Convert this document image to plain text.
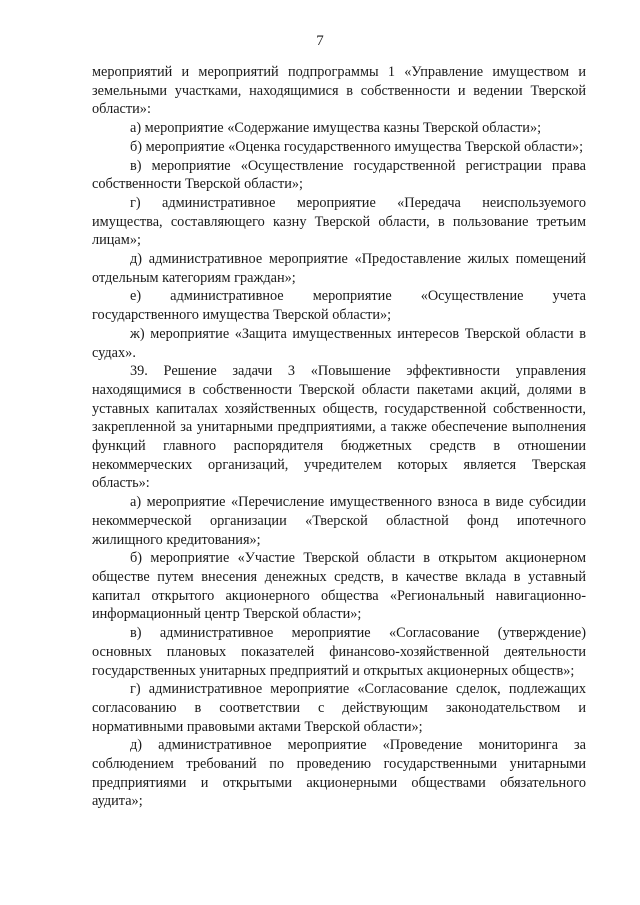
7

мероприятий и мероприятий подпрограммы 1 «Управление имуществом и земельными участками, находящимися в собственности и ведении Тверской области»:

а) мероприятие «Содержание имущества казны Тверской области»;

б) мероприятие «Оценка государственного имущества Тверской области»;

в) мероприятие «Осуществление государственной регистрации права собственности Тверской области»;

г) административное мероприятие «Передача неиспользуемого имущества, составляющего казну Тверской области, в пользование третьим лицам»;

д) административное мероприятие «Предоставление жилых помещений отдельным категориям граждан»;

е) административное мероприятие «Осуществление учета государственного имущества Тверской области»;

ж) мероприятие «Защита имущественных интересов Тверской области в судах».

39. Решение задачи 3 «Повышение эффективности управления находящимися в собственности Тверской области пакетами акций, долями в уставных капиталах хозяйственных обществ, государственной собственности, закрепленной за унитарными предприятиями, а также обеспечение выполнения функций главного распорядителя бюджетных средств в отношении некоммерческих организаций, учредителем которых является Тверская область»:

а) мероприятие «Перечисление имущественного взноса в виде субсидии некоммерческой организации «Тверской областной фонд ипотечного жилищного кредитования»;

б) мероприятие «Участие Тверской области в открытом акционерном обществе путем внесения денежных средств, в качестве вклада в уставный капитал открытого акционерного общества «Региональный навигационно-информационный центр Тверской области»;

в) административное мероприятие «Согласование (утверждение) основных плановых показателей финансово-хозяйственной деятельности государственных унитарных предприятий и открытых акционерных обществ»;

г) административное мероприятие «Согласование сделок, подлежащих согласованию в соответствии с действующим законодательством и нормативными правовыми актами Тверской области»;

д) административное мероприятие «Проведение мониторинга за соблюдением требований по проведению государственными унитарными предприятиями и открытыми акционерными обществами обязательного аудита»;
